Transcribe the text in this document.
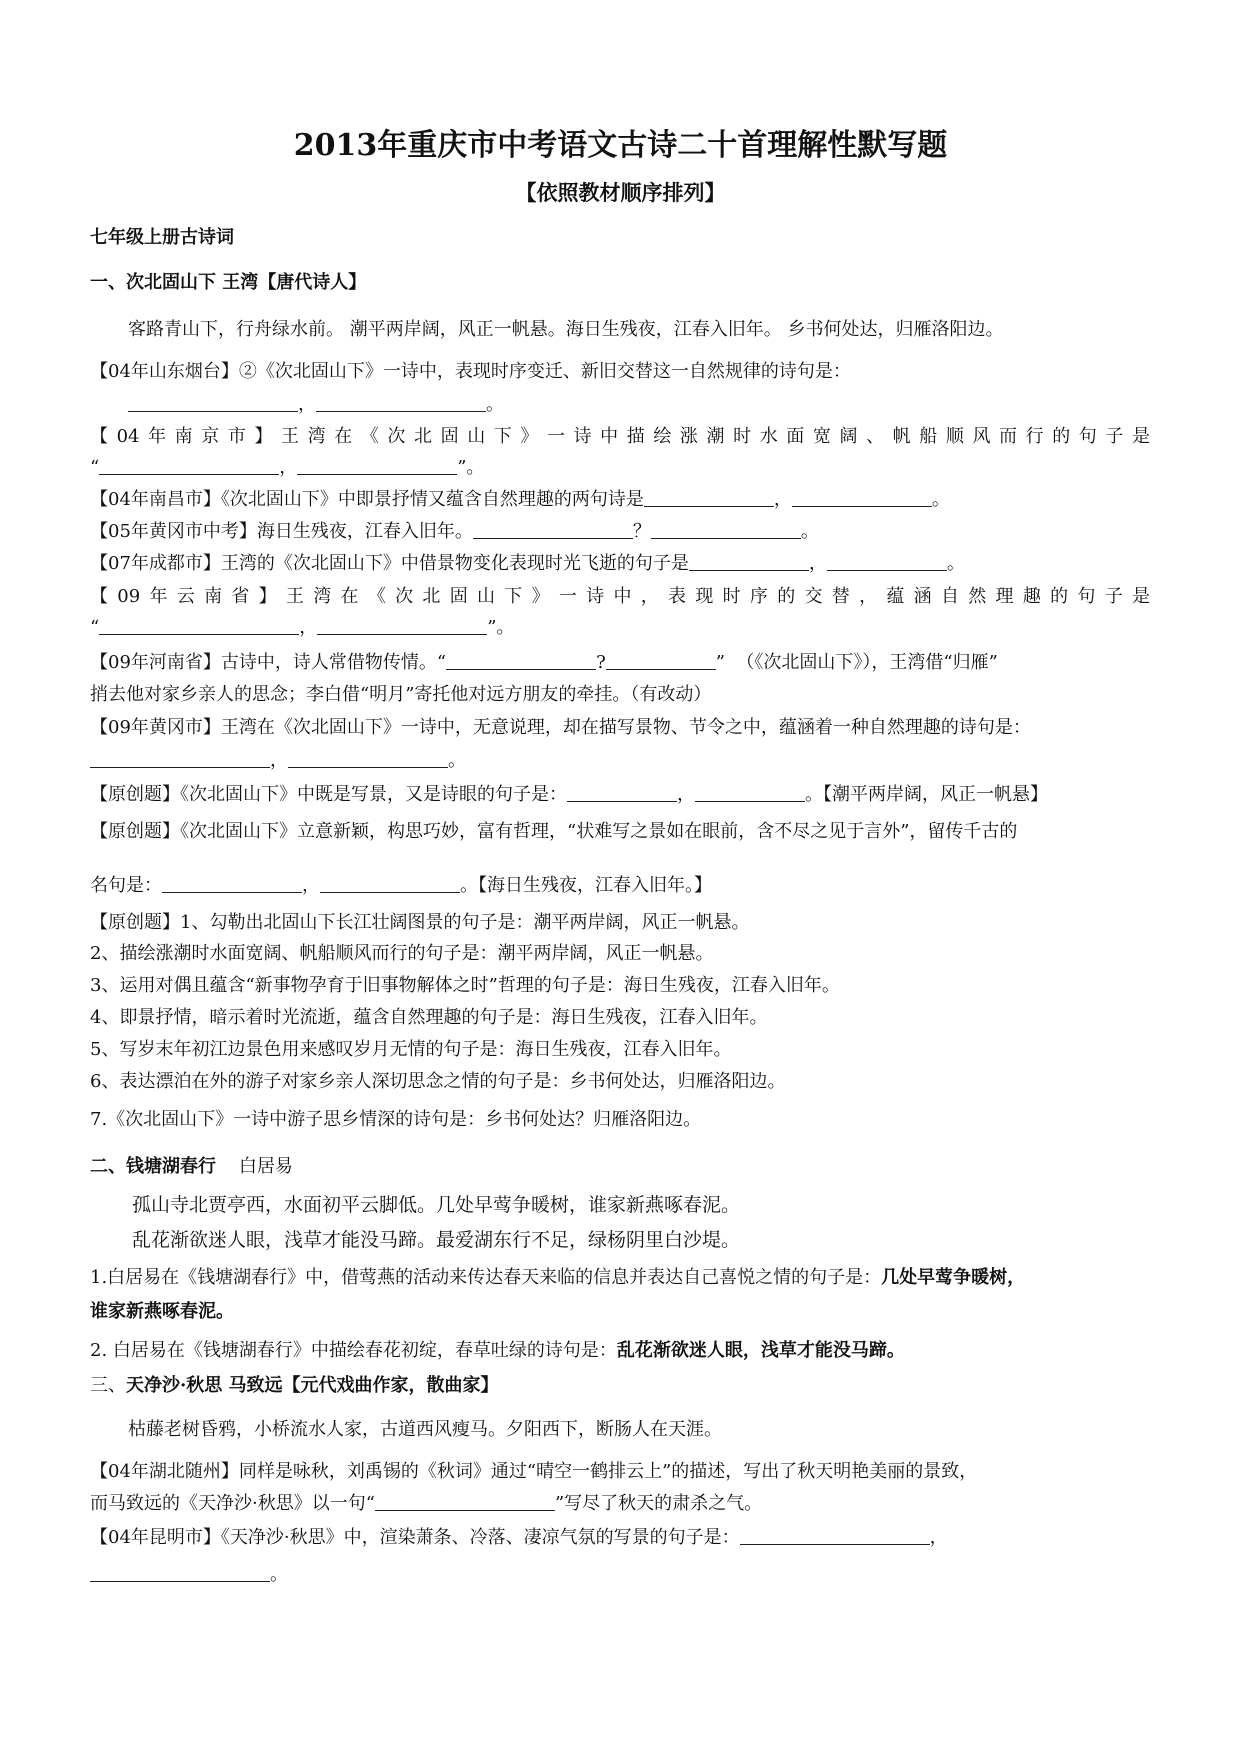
2013年重庆市中考语文古诗二十首理解性默写题
【依照教材顺序排列】
七年级上册古诗词
一、次北固山下 王湾【唐代诗人】
客路青山下，行舟绿水前。 潮平两岸阔，风正一帆悬。海日生残夜，江春入旧年。 乡书何处达，归雁洛阳边。
【04年山东烟台】②《次北固山下》一诗中，表现时序变迁、新旧交替这一自然规律的诗句是：
，	。
【04年南京市】王湾在《次北固山下》一诗中描绘涨潮时水面宽阔、帆船顺风而行的句子是
“	，	”。
【04年南昌市】《次北固山下》中即景抒情又蕴含自然理趣的两句诗是	，	。
【05年黄冈市中考】海日生残夜，江春入旧年。	？	。
【07年成都市】王湾的《次北固山下》中借景物变化表现时光飞逝的句子是	，	。
【09年云南省】王湾在《次北固山下》一诗中，表现时序的交替，蕴涵自然理趣的句子是
“	，	”。
【09年河南省】古诗中，诗人常借物传情。“	?	”  （《次北固山下》），王湾借“归雁”
捎去他对家乡亲人的思念；李白借“明月”寄托他对远方朋友的牵挂。（有改动）
【09年黄冈市】王湾在《次北固山下》一诗中，无意说理，却在描写景物、节令之中，蕴涵着一种自然理趣的诗句是：
，	。
【原创题】《次北固山下》中既是写景，又是诗眼的句子是：	，	。【潮平两岸阔，风正一帆悬】
【原创题】《次北固山下》立意新颖，构思巧妙，富有哲理，“状难写之景如在眼前，含不尽之见于言外”，留传千古的
名句是：	，	。【海日生残夜，江春入旧年。】
【原创题】1、勾勒出北固山下长江壮阔图景的句子是：潮平两岸阔，风正一帆悬。
2、描绘涨潮时水面宽阔、帆船顺风而行的句子是：潮平两岸阔，风正一帆悬。
3、运用对偶且蕴含“新事物孕育于旧事物解体之时”哲理的句子是：海日生残夜，江春入旧年。
4、即景抒情，暗示着时光流逝，蕴含自然理趣的句子是：海日生残夜，江春入旧年。
5、写岁末年初江边景色用来感叹岁月无情的句子是：海日生残夜，江春入旧年。
6、表达漂泊在外的游子对家乡亲人深切思念之情的句子是：乡书何处达，归雁洛阳边。
7.《次北固山下》一诗中游子思乡情深的诗句是：乡书何处达？归雁洛阳边。
二、钱塘湖春行 白居易
孤山寺北贾亭西，水面初平云脚低。几处早莺争暖树，谁家新燕啄春泥。
乱花渐欲迷人眼，浅草才能没马蹄。最爱湖东行不足，绿杨阴里白沙堤。
1.白居易在《钱塘湖春行》中，借莺燕的活动来传达春天来临的信息并表达自己喜悦之情的句子是：几处早莺争暖树，
谁家新燕啄春泥。
2. 白居易在《钱塘湖春行》中描绘春花初绽，春草吐绿的诗句是：乱花渐欲迷人眼，浅草才能没马蹄。
三、天净沙·秋思 马致远【元代戏曲作家，散曲家】
枯藤老树昏鸦，小桥流水人家，古道西风瘦马。夕阳西下，断肠人在天涯。
【04年湖北随州】同样是咏秋，刘禹锡的《秋词》通过“晴空一鹤排云上”的描述，写出了秋天明艳美丽的景致，
而马致远的《天净沙·秋思》以一句“	”写尽了秋天的肃杀之气。
【04年昆明市】《天净沙·秋思》中，渲染萧条、冷落、凄凉气氛的写景的句子是：	，
。
